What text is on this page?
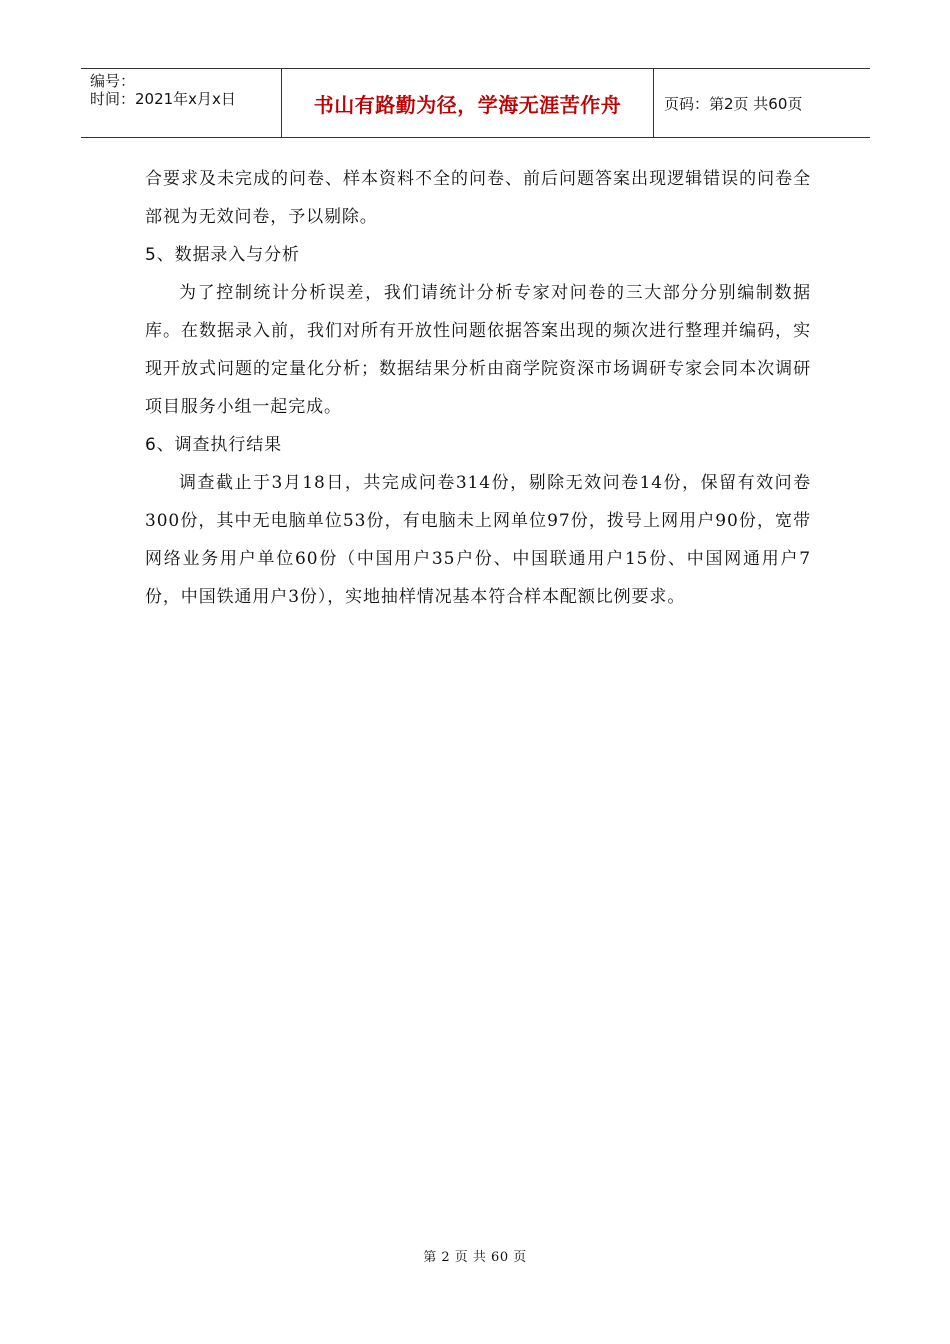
编号：
时间：2021年x月x日	书山有路勤为径，学海无涯苦作舟	页码：第2页 共60页

合要求及未完成的问卷、样本资料不全的问卷、前后问题答案出现逻辑错误的问卷全部视为无效问卷，予以剔除。

5、数据录入与分析

为了控制统计分析误差，我们请统计分析专家对问卷的三大部分分别编制数据库。在数据录入前，我们对所有开放性问题依据答案出现的频次进行整理并编码，实现开放式问题的定量化分析；数据结果分析由商学院资深市场调研专家会同本次调研项目服务小组一起完成。

6、调查执行结果

调查截止于3月18日，共完成问卷314份，剔除无效问卷14份，保留有效问卷300份，其中无电脑单位53份，有电脑未上网单位97份，拨号上网用户90份，宽带网络业务用户单位60份（中国用户35户份、中国联通用户15份、中国网通用户7份，中国铁通用户3份），实地抽样情况基本符合样本配额比例要求。

第 2 页 共 60 页
